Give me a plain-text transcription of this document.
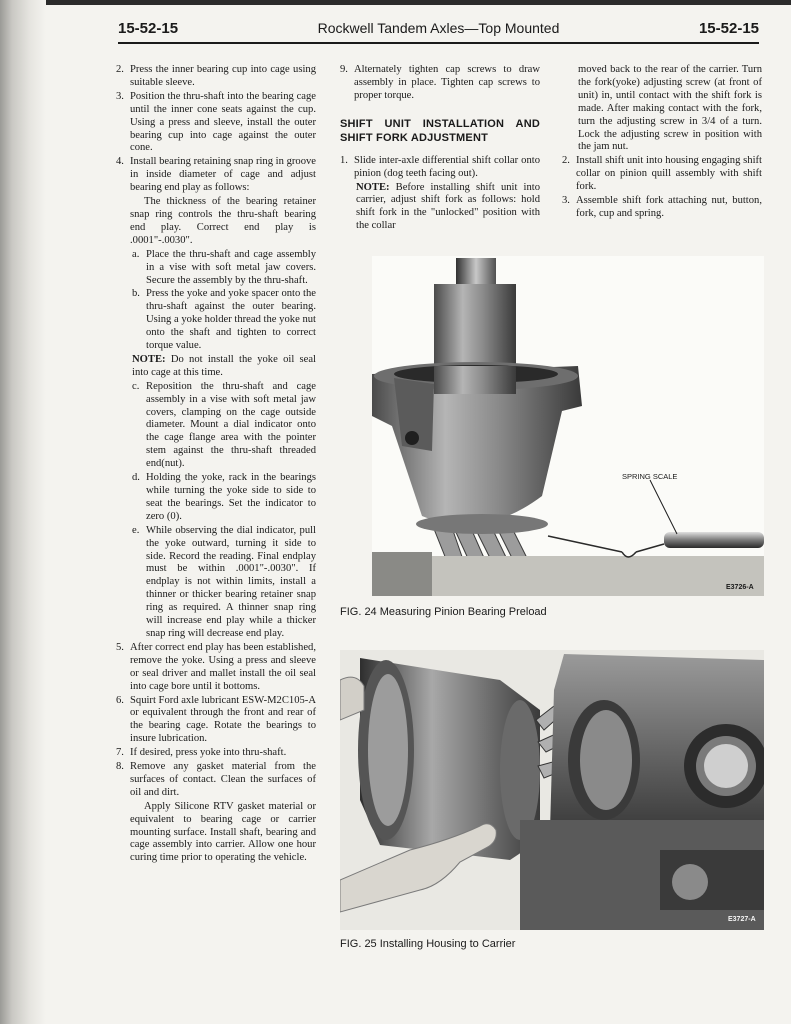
15-52-15	Rockwell Tandem Axles—Top Mounted	15-52-15
2. Press the inner bearing cup into cage using suitable sleeve.
3. Position the thru-shaft into the bearing cage until the inner cone seats against the cup. Using a press and sleeve, install the outer bearing cup into cage against the outer cone.
4. Install bearing retaining snap ring in groove in inside diameter of cage and adjust bearing end play as follows:
The thickness of the bearing retainer snap ring controls the thru-shaft bearing end play. Correct end play is .0001"-.0030".
a. Place the thru-shaft and cage assembly in a vise with soft metal jaw covers. Secure the assembly by the thru-shaft.
b. Press the yoke and yoke spacer onto the thru-shaft against the outer bearing. Using a yoke holder thread the yoke nut onto the shaft and tighten to correct torque value.
NOTE: Do not install the yoke oil seal into cage at this time.
c. Reposition the thru-shaft and cage assembly in a vise with soft metal jaw covers, clamping on the cage outside diameter. Mount a dial indicator onto the cage flange area with the pointer stem against the thru-shaft threaded end(nut).
d. Holding the yoke, rack in the bearings while turning the yoke side to side to seat the bearings. Set the indicator to zero (0).
e. While observing the dial indicator, pull the yoke outward, turning it side to side. Record the reading. Final endplay must be within .0001"-.0030". If endplay is not within limits, install a thinner or thicker bearing retainer snap ring as required. A thinner snap ring will increase end play while a thicker snap ring will decrease end play.
5. After correct end play has been established, remove the yoke. Using a press and sleeve or seal driver and mallet install the oil seal into cage bore until it bottoms.
6. Squirt Ford axle lubricant ESW-M2C105-A or equivalent through the front and rear of the bearing cage. Rotate the bearings to insure lubrication.
7. If desired, press yoke into thru-shaft.
8. Remove any gasket material from the surfaces of contact. Clean the surfaces of oil and dirt.
Apply Silicone RTV gasket material or equivalent to bearing cage or carrier mounting surface. Install shaft, bearing and cage assembly into carrier. Allow one hour curing time prior to operating the vehicle.
9. Alternately tighten cap screws to draw assembly in place. Tighten cap screws to proper torque.
SHIFT UNIT INSTALLATION AND SHIFT FORK ADJUSTMENT
1. Slide inter-axle differential shift collar onto pinion (dog teeth facing out).
NOTE: Before installing shift unit into carrier, adjust shift fork as follows: hold shift fork in the "unlocked" position with the collar
moved back to the rear of the carrier. Turn the fork(yoke) adjusting screw (at front of unit) in, until contact with the shift fork is made. After making contact with the fork, turn the adjusting screw in 3/4 of a turn. Lock the adjusting screw in position with the jam nut.
2. Install shift unit into housing engaging shift collar on pinion quill assembly with shift fork.
3. Assemble shift fork attaching nut, button, fork, cup and spring.
SPRING SCALE
E3726-A
FIG. 24 Measuring Pinion Bearing Preload
E3727-A
FIG. 25 Installing Housing to Carrier
